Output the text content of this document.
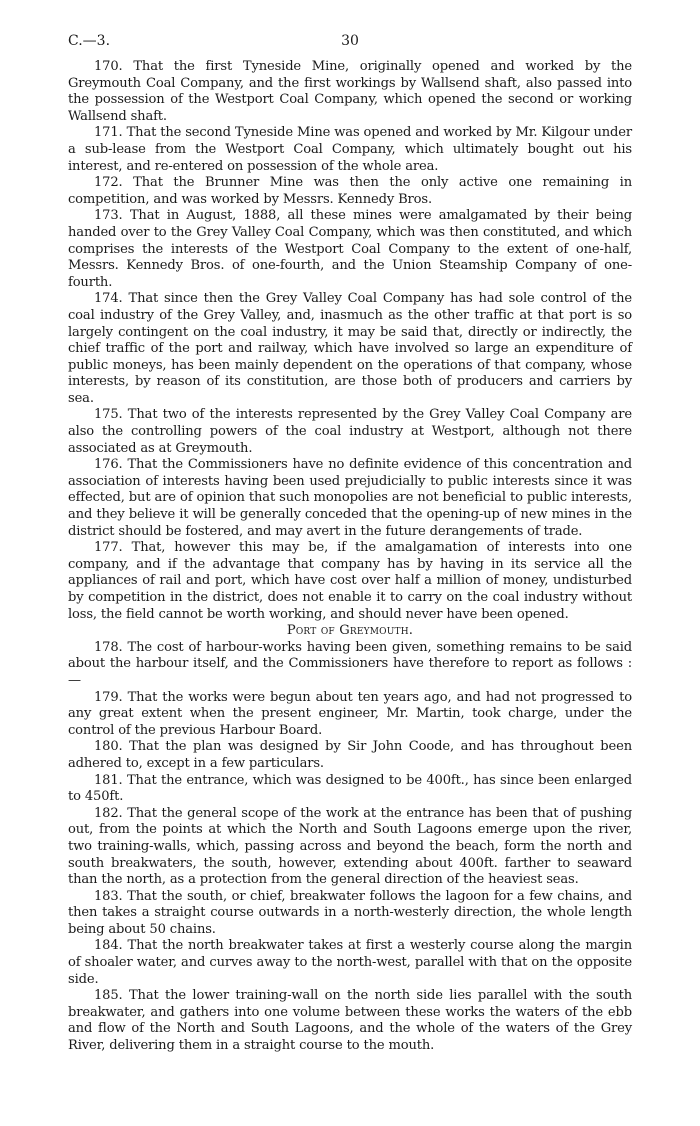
C.—3.	30

170. That the first Tyneside Mine, originally opened and worked by the Greymouth Coal Company, and the first workings by Wallsend shaft, also passed into the possession of the Westport Coal Company, which opened the second or working Wallsend shaft.

171. That the second Tyneside Mine was opened and worked by Mr. Kilgour under a sub-lease from the Westport Coal Company, which ultimately bought out his interest, and re-entered on possession of the whole area.

172. That the Brunner Mine was then the only active one remaining in competition, and was worked by Messrs. Kennedy Bros.

173. That in August, 1888, all these mines were amalgamated by their being handed over to the Grey Valley Coal Company, which was then constituted, and which comprises the interests of the Westport Coal Company to the extent of one-half, Messrs. Kennedy Bros. of one-fourth, and the Union Steamship Company of one-fourth.

174. That since then the Grey Valley Coal Company has had sole control of the coal industry of the Grey Valley, and, inasmuch as the other traffic at that port is so largely contingent on the coal industry, it may be said that, directly or indirectly, the chief traffic of the port and railway, which have involved so large an expenditure of public moneys, has been mainly dependent on the operations of that company, whose interests, by reason of its constitution, are those both of producers and carriers by sea.

175. That two of the interests represented by the Grey Valley Coal Company are also the controlling powers of the coal industry at Westport, although not there associated as at Greymouth.

176. That the Commissioners have no definite evidence of this concentration and association of interests having been used prejudicially to public interests since it was effected, but are of opinion that such monopolies are not beneficial to public interests, and they believe it will be generally conceded that the opening-up of new mines in the district should be fostered, and may avert in the future derangements of trade.

177. That, however this may be, if the amalgamation of interests into one company, and if the advantage that company has by having in its service all the appliances of rail and port, which have cost over half a million of money, undisturbed by competition in the district, does not enable it to carry on the coal industry without loss, the field cannot be worth working, and should never have been opened.

Port of Greymouth.

178. The cost of harbour-works having been given, something remains to be said about the harbour itself, and the Commissioners have therefore to report as follows :—

179. That the works were begun about ten years ago, and had not progressed to any great extent when the present engineer, Mr. Martin, took charge, under the control of the previous Harbour Board.

180. That the plan was designed by Sir John Coode, and has throughout been adhered to, except in a few particulars.

181. That the entrance, which was designed to be 400ft., has since been enlarged to 450ft.

182. That the general scope of the work at the entrance has been that of pushing out, from the points at which the North and South Lagoons emerge upon the river, two training-walls, which, passing across and beyond the beach, form the north and south breakwaters, the south, however, extending about 400ft. farther to seaward than the north, as a protection from the general direction of the heaviest seas.

183. That the south, or chief, breakwater follows the lagoon for a few chains, and then takes a straight course outwards in a north-westerly direction, the whole length being about 50 chains.

184. That the north breakwater takes at first a westerly course along the margin of shoaler water, and curves away to the north-west, parallel with that on the opposite side.

185. That the lower training-wall on the north side lies parallel with the south breakwater, and gathers into one volume between these works the waters of the ebb and flow of the North and South Lagoons, and the whole of the waters of the Grey River, delivering them in a straight course to the mouth.
